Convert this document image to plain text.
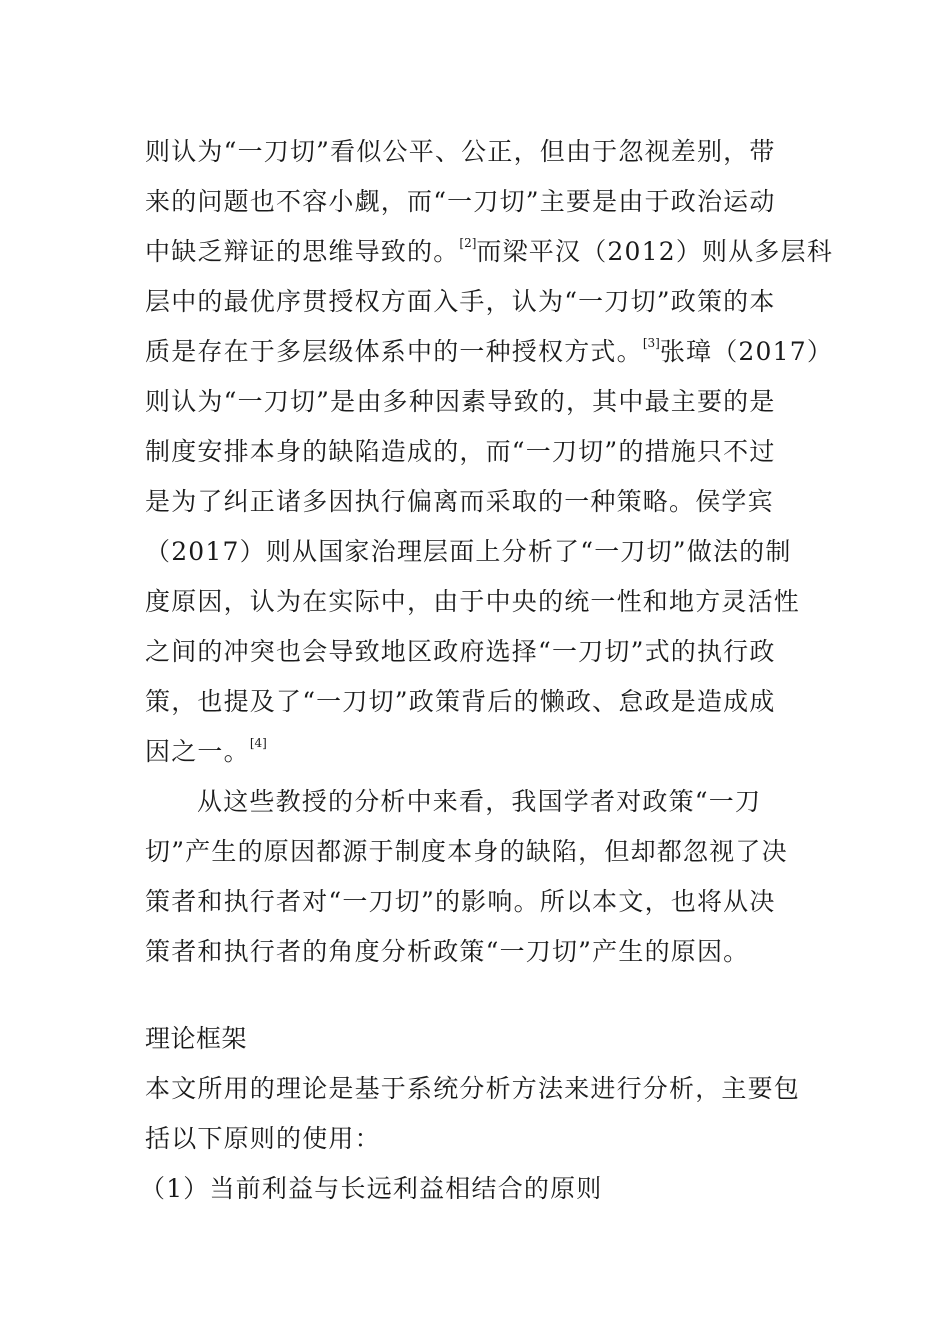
则认为“一刀切”看似公平、公正，但由于忽视差别，带
来的问题也不容小觑，而“一刀切”主要是由于政治运动
中缺乏辩证的思维导致的。[2]而梁平汉（2012）则从多层科
层中的最优序贯授权方面入手，认为“一刀切”政策的本
质是存在于多层级体系中的一种授权方式。[3]张璋（2017）
则认为“一刀切”是由多种因素导致的，其中最主要的是
制度安排本身的缺陷造成的，而“一刀切”的措施只不过
是为了纠正诸多因执行偏离而采取的一种策略。侯学宾
（2017）则从国家治理层面上分析了“一刀切”做法的制
度原因，认为在实际中，由于中央的统一性和地方灵活性
之间的冲突也会导致地区政府选择“一刀切”式的执行政
策，也提及了“一刀切”政策背后的懒政、怠政是造成成
因之一。[4]
从这些教授的分析中来看，我国学者对政策“一刀
切”产生的原因都源于制度本身的缺陷，但却都忽视了决
策者和执行者对“一刀切”的影响。所以本文，也将从决
策者和执行者的角度分析政策“一刀切”产生的原因。
理论框架
本文所用的理论是基于系统分析方法来进行分析，主要包
括以下原则的使用：
（1）当前利益与长远利益相结合的原则
